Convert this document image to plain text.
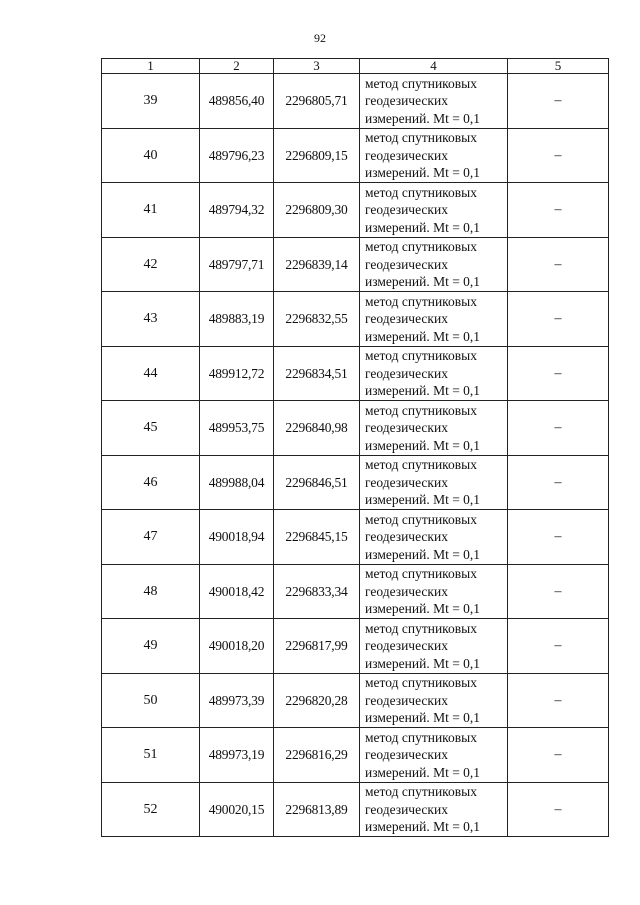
92
1	2	3	4	5
39	489856,40	2296805,71	метод спутниковых
геодезических
измерений. Mt = 0,1	–
40	489796,23	2296809,15	метод спутниковых
геодезических
измерений. Mt = 0,1	–
41	489794,32	2296809,30	метод спутниковых
геодезических
измерений. Mt = 0,1	–
42	489797,71	2296839,14	метод спутниковых
геодезических
измерений. Mt = 0,1	–
43	489883,19	2296832,55	метод спутниковых
геодезических
измерений. Mt = 0,1	–
44	489912,72	2296834,51	метод спутниковых
геодезических
измерений. Mt = 0,1	–
45	489953,75	2296840,98	метод спутниковых
геодезических
измерений. Mt = 0,1	–
46	489988,04	2296846,51	метод спутниковых
геодезических
измерений. Mt = 0,1	–
47	490018,94	2296845,15	метод спутниковых
геодезических
измерений. Mt = 0,1	–
48	490018,42	2296833,34	метод спутниковых
геодезических
измерений. Mt = 0,1	–
49	490018,20	2296817,99	метод спутниковых
геодезических
измерений. Mt = 0,1	–
50	489973,39	2296820,28	метод спутниковых
геодезических
измерений. Mt = 0,1	–
51	489973,19	2296816,29	метод спутниковых
геодезических
измерений. Mt = 0,1	–
52	490020,15	2296813,89	метод спутниковых
геодезических
измерений. Mt = 0,1	–
